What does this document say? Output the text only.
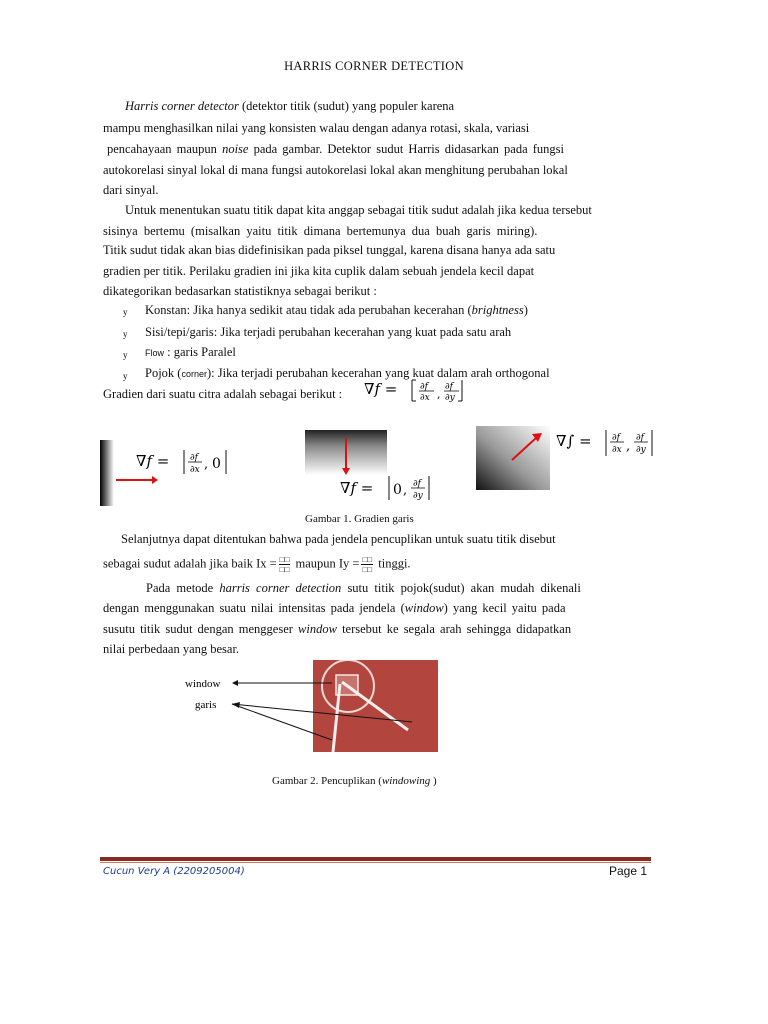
HARRIS CORNER DETECTION
Harris corner detector (detektor titik (sudut) yang populer karena
mampu menghasilkan nilai yang konsisten walau dengan adanya rotasi, skala, variasi
pencahayaan maupun noise pada gambar. Detektor sudut Harris didasarkan pada fungsi
autokorelasi sinyal lokal di mana fungsi autokorelasi lokal akan menghitung perubahan lokal
dari sinyal.
Untuk menentukan suatu titik dapat kita anggap sebagai titik sudut adalah jika kedua tersebut
sisinya bertemu (misalkan yaitu titik dimana bertemunya dua buah garis miring).
Titik sudut tidak akan bias didefinisikan pada piksel tunggal, karena disana hanya ada satu
gradien per titik. Perilaku gradien ini jika kita cuplik dalam sebuah jendela kecil dapat
dikategorikan bedasarkan statistiknya sebagai berikut :
y Konstan: Jika hanya sedikit atau tidak ada perubahan kecerahan (brightness)
y Sisi/tepi/garis: Jika terjadi perubahan kecerahan yang kuat pada satu arah
y Flow : garis Paralel
y Pojok (corner): Jika terjadi perubahan kecerahan yang kuat dalam arah orthogonal
Gradien dari suatu citra adalah sebagai berikut : ∇f =	∂f
∂x ,
∂f
∂y
∇f = ∂f
∂x , 0
∇f = 0 , ∂f
∂y
∇∫ = ∂f
∂x ,
∂f
∂y
Gambar 1. Gradien garis
Selanjutnya dapat ditentukan bahwa pada jendela pencuplikan untuk suatu titik disebut
sebagai sudut adalah jika baik $Ix = \frac{□□}{□□}$ maupun $Iy = \frac{□□}{□□}$ tinggi.
Pada metode harris corner detection sutu titik pojok(sudut) akan mudah dikenali
dengan menggunakan suatu nilai intensitas pada jendela (window) yang kecil yaitu pada
susutu titik sudut dengan menggeser window tersebut ke segala arah sehingga didapatkan
nilai perbedaan yang besar.
window
garis
Gambar 2. Pencuplikan (windowing )
Cucun Very A (2209205004)	Page 1
